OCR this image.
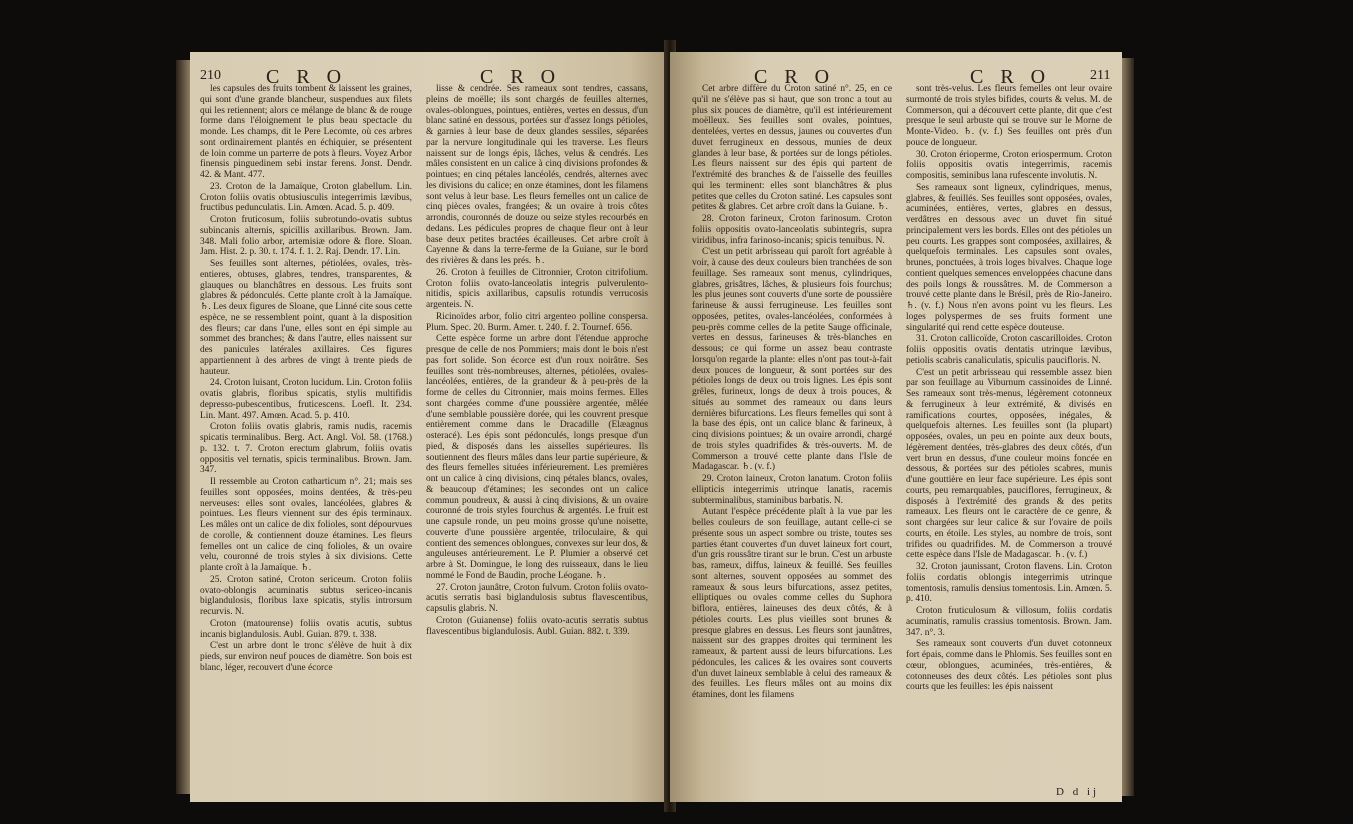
210 C R O	C R O

les capsules des fruits tombent & laissent les graines, qui sont d'une grande blancheur, suspendues aux filets qui les retiennent; alors ce mélange de blanc & de rouge forme dans l'éloignement le plus beau spectacle du monde. Les champs, dit le Pere Lecomte, où ces arbres sont ordinairement plantés en échiquier, se présentent de loin comme un parterre de pots à fleurs. Voyez Arbor finensis pinguedinem sebi instar ferens. Jonst. Dendr. 42. & Mant. 477.

23. Croton de la Jamaïque, Croton glabellum. Lin. Croton foliis ovatis obtusiusculis integerrimis lævibus, fructibus pedunculatis. Lin. Amœn. Acad. 5. p. 409.

Croton fruticosum, foliis subrotundo-ovatis subtus subincanis alternis, spicillis axillaribus. Brown. Jam. 348. Mali folio arbor, artemisiæ odore & flore. Sloan. Jam. Hist. 2. p. 30. t. 174. f. 1. 2. Raj. Dendr. 17. Lin.

Ses feuilles sont alternes, pétiolées, ovales, très-entieres, obtuses, glabres, tendres, transparentes, & glauques ou blanchâtres en dessous. Les fruits sont glabres & pédonculés. Cette plante croît à la Jamaïque. ♄. Les deux figures de Sloane, que Linné cite sous cette espèce, ne se ressemblent point, quant à la disposition des fleurs; car dans l'une, elles sont en épi simple au sommet des branches; & dans l'autre, elles naissent sur des panicules latérales axillaires. Ces figures appartiennent à des arbres de vingt à trente pieds de hauteur.

24. Croton luisant, Croton lucidum. Lin. Croton foliis ovatis glabris, floribus spicatis, stylis multifidis depresso-pubescentibus, fruticescens. Loefl. It. 234. Lin. Mant. 497. Amœn. Acad. 5. p. 410.

Croton foliis ovatis glabris, ramis nudis, racemis spicatis terminalibus. Berg. Act. Angl. Vol. 58. (1768.) p. 132. t. 7. Croton erectum glabrum, foliis ovatis oppositis vel ternatis, spicis terminalibus. Brown. Jam. 347.

Il ressemble au Croton catharticum n°. 21; mais ses feuilles sont opposées, moins dentées, & très-peu nerveuses: elles sont ovales, lancéolées, glabres & pointues. Les fleurs viennent sur des épis terminaux. Les mâles ont un calice de dix folioles, sont dépourvues de corolle, & contiennent douze étamines. Les fleurs femelles ont un calice de cinq folioles, & un ovaire velu, couronné de trois styles à six divisions. Cette plante croît à la Jamaïque. ♄.

25. Croton satiné, Croton sericeum. Croton foliis ovato-oblongis acuminatis subtus sericeo-incanis biglandulosis, floribus laxe spicatis, stylis introrsum recurvis. N.

Croton (matourense) foliis ovatis acutis, subtus incanis biglandulosis. Aubl. Guian. 879. t. 338.

C'est un arbre dont le tronc s'élève de huit à dix pieds, sur environ neuf pouces de diamètre. Son bois est blanc, léger, recouvert d'une écorce

lisse & cendrée. Ses rameaux sont tendres, cassans, pleins de moëlle; ils sont chargés de feuilles alternes, ovales-oblongues, pointues, entières, vertes en dessus, d'un blanc satiné en dessous, portées sur d'assez longs pétioles, & garnies à leur base de deux glandes sessiles, séparées par la nervure longitudinale qui les traverse. Les fleurs naissent sur de longs épis, lâches, velus & cendrés. Les mâles consistent en un calice à cinq divisions profondes & pointues; en cinq pétales lancéolés, cendrés, alternes avec les divisions du calice; en onze étamines, dont les filamens sont velus à leur base. Les fleurs femelles ont un calice de cinq pièces ovales, frangées; & un ovaire à trois côtes arrondis, couronnés de douze ou seize styles recourbés en dedans. Les pédicules propres de chaque fleur ont à leur base deux petites bractées écailleuses. Cet arbre croît à Cayenne & dans la terre-ferme de la Guiane, sur le bord des rivières & dans les prés. ♄.

26. Croton à feuilles de Citronnier, Croton citrifolium. Croton foliis ovato-lanceolatis integris pulverulento-nitidis, spicis axillaribus, capsulis rotundis verrucosis argenteis. N.

Ricinoïdes arbor, folio citri argenteo polline conspersa. Plum. Spec. 20. Burm. Amer. t. 240. f. 2. Tournef. 656.

Cette espèce forme un arbre dont l'étendue approche presque de celle de nos Pommiers; mais dont le bois n'est pas fort solide. Son écorce est d'un roux noirâtre. Ses feuilles sont très-nombreuses, alternes, pétiolées, ovales-lancéolées, entières, de la grandeur & à peu-près de la forme de celles du Citronnier, mais moins fermes. Elles sont chargées comme d'une poussière argentée, mêlée d'une semblable poussière dorée, qui les couvrent presque entièrement comme dans le Dracadille (Elæagnus osteracé). Les épis sont pédonculés, longs presque d'un pied, & disposés dans les aisselles supérieures. Ils soutiennent des fleurs mâles dans leur partie supérieure, & des fleurs femelles situées inférieurement. Les premières ont un calice à cinq divisions, cinq pétales blancs, ovales, & beaucoup d'étamines; les secondes ont un calice commun poudreux, & aussi à cinq divisions, & un ovaire couronné de trois styles fourchus & argentés. Le fruit est une capsule ronde, un peu moins grosse qu'une noisette, couverte d'une poussière argentée, triloculaire, & qui contient des semences oblongues, convexes sur leur dos, & anguleuses antérieurement. Le P. Plumier a observé cet arbre à St. Domingue, le long des ruisseaux, dans le lieu nommé le Fond de Baudin, proche Léogane. ♄.

27. Croton jaunâtre, Croton fulvum. Croton foliis ovato-acutis serratis basi biglandulosis subtus flavescentibus, capsulis glabris. N.

Croton (Guianense) foliis ovato-acutis serratis subtus flavescentibus biglandulosis. Aubl. Guian. 882. t. 339.

C R O	C R O	211

Cet arbre diffère du Croton satiné n°. 25, en ce qu'il ne s'élève pas si haut, que son tronc a tout au plus six pouces de diamètre, qu'il est intérieurement moëlleux. Ses feuilles sont ovales, pointues, dentelées, vertes en dessus, jaunes ou couvertes d'un duvet ferrugineux en dessous, munies de deux glandes à leur base, & portées sur de longs pétioles. Les fleurs naissent sur des épis qui partent de l'extrémité des branches & de l'aisselle des feuilles qui les terminent: elles sont blanchâtres & plus petites que celles du Croton satiné. Les capsules sont petites & glabres. Cet arbre croît dans la Guiane. ♄.

28. Croton farineux, Croton farinosum. Croton foliis oppositis ovato-lanceolatis subintegris, supra viridibus, infra farinoso-incanis; spicis tenuibus. N.

C'est un petit arbrisseau qui paroît fort agréable à voir, à cause des deux couleurs bien tranchées de son feuillage. Ses rameaux sont menus, cylindriques, glabres, grisâtres, lâches, & plusieurs fois fourchus; les plus jeunes sont couverts d'une sorte de poussière farineuse & aussi ferrugineuse. Les feuilles sont opposées, petites, ovales-lancéolées, conformées à peu-près comme celles de la petite Sauge officinale, vertes en dessus, farineuses & très-blanches en dessous; ce qui forme un assez beau contraste lorsqu'on regarde la plante: elles n'ont pas tout-à-fait deux pouces de longueur, & sont portées sur des pétioles longs de deux ou trois lignes. Les épis sont grêles, furineux, longs de deux à trois pouces, & situés au sommet des rameaux ou dans leurs dernières bifurcations. Les fleurs femelles qui sont à la base des épis, ont un calice blanc & farineux, à cinq divisions pointues; & un ovaire arrondi, chargé de trois styles quadrifides & très-ouverts. M. de Commerson a trouvé cette plante dans l'Isle de Madagascar. ♄. (v. f.)

29. Croton laineux, Croton lanatum. Croton foliis ellipticis integerrimis utrinque lanatis, racemis subterminalibus, staminibus barbatis. N.

Autant l'espèce précédente plaît à la vue par les belles couleurs de son feuillage, autant celle-ci se présente sous un aspect sombre ou triste, toutes ses parties étant couvertes d'un duvet laineux fort court, d'un gris roussâtre tirant sur le brun. C'est un arbuste bas, rameux, diffus, laineux & feuillé. Ses feuilles sont alternes, souvent opposées au sommet des rameaux & sous leurs bifurcations, assez petites, elliptiques ou ovales comme celles du Suphora biflora, entières, laineuses des deux côtés, & à pétioles courts. Les plus vieilles sont brunes & presque glabres en dessus. Les fleurs sont jaunâtres, naissent sur des grappes droites qui terminent les rameaux, & partent aussi de leurs bifurcations. Les pédoncules, les calices & les ovaires sont couverts d'un duvet laineux semblable à celui des rameaux & des feuilles. Les fleurs mâles ont au moins dix étamines, dont les filamens

sont très-velus. Les fleurs femelles ont leur ovaire surmonté de trois styles bifides, courts & velus. M. de Commerson, qui a découvert cette plante, dit que c'est presque le seul arbuste qui se trouve sur le Morne de Monte-Video. ♄. (v. f.) Ses feuilles ont près d'un pouce de longueur.

30. Croton érioperme, Croton eriospermum. Croton foliis oppositis ovatis integerrimis, racemis compositis, seminibus lana rufescente involutis. N.

Ses rameaux sont ligneux, cylindriques, menus, glabres, & feuillés. Ses feuilles sont opposées, ovales, acuminées, entières, vertes, glabres en dessus, verdâtres en dessous avec un duvet fin situé principalement vers les bords. Elles ont des pétioles un peu courts. Les grappes sont composées, axillaires, & quelquefois terminales. Les capsules sont ovales, brunes, ponctuées, à trois loges bivalves. Chaque loge contient quelques semences enveloppées chacune dans des poils longs & roussâtres. M. de Commerson a trouvé cette plante dans le Brésil, près de Rio-Janeiro. ♄. (v. f.) Nous n'en avons point vu les fleurs. Les loges polyspermes de ses fruits forment une singularité qui rend cette espèce douteuse.

31. Croton callicoïde, Croton cascarilloides. Croton foliis oppositis ovatis dentatis utrinque lævibus, petiolis scabris canaliculatis, spiculis paucifloris. N.

C'est un petit arbrisseau qui ressemble assez bien par son feuillage au Viburnum cassinoides de Linné. Ses rameaux sont très-menus, légèrement cotonneux & ferrugineux à leur extrémité, & divisés en ramifications courtes, opposées, inégales, & quelquefois alternes. Les feuilles sont (la plupart) opposées, ovales, un peu en pointe aux deux bouts, légèrement dentées, très-glabres des deux côtés, d'un vert brun en dessus, d'une couleur moins foncée en dessous, & portées sur des pétioles scabres, munis d'une gouttière en leur face supérieure. Les épis sont courts, peu remarquables, pauciflores, ferrugineux, & disposés à l'extrémité des grands & des petits rameaux. Les fleurs ont le caractère de ce genre, & sont chargées sur leur calice & sur l'ovaire de poils courts, en étoile. Les styles, au nombre de trois, sont trifides ou quadrifides. M. de Commerson a trouvé cette espèce dans l'Isle de Madagascar. ♄. (v. f.)

32. Croton jaunissant, Croton flavens. Lin. Croton foliis cordatis oblongis integerrimis utrinque tomentosis, ramulis densius tomentosis. Lin. Amœn. 5. p. 410.

Croton fruticulosum & villosum, foliis cordatis acuminatis, ramulis crassius tomentosis. Brown. Jam. 347. n°. 3.

Ses rameaux sont couverts d'un duvet cotonneux fort épais, comme dans le Phlomis. Ses feuilles sont en cœur, oblongues, acuminées, très-entières, & cotonneuses des deux côtés. Les pétioles sont plus courts que les feuilles: les épis naissent

D d ij
